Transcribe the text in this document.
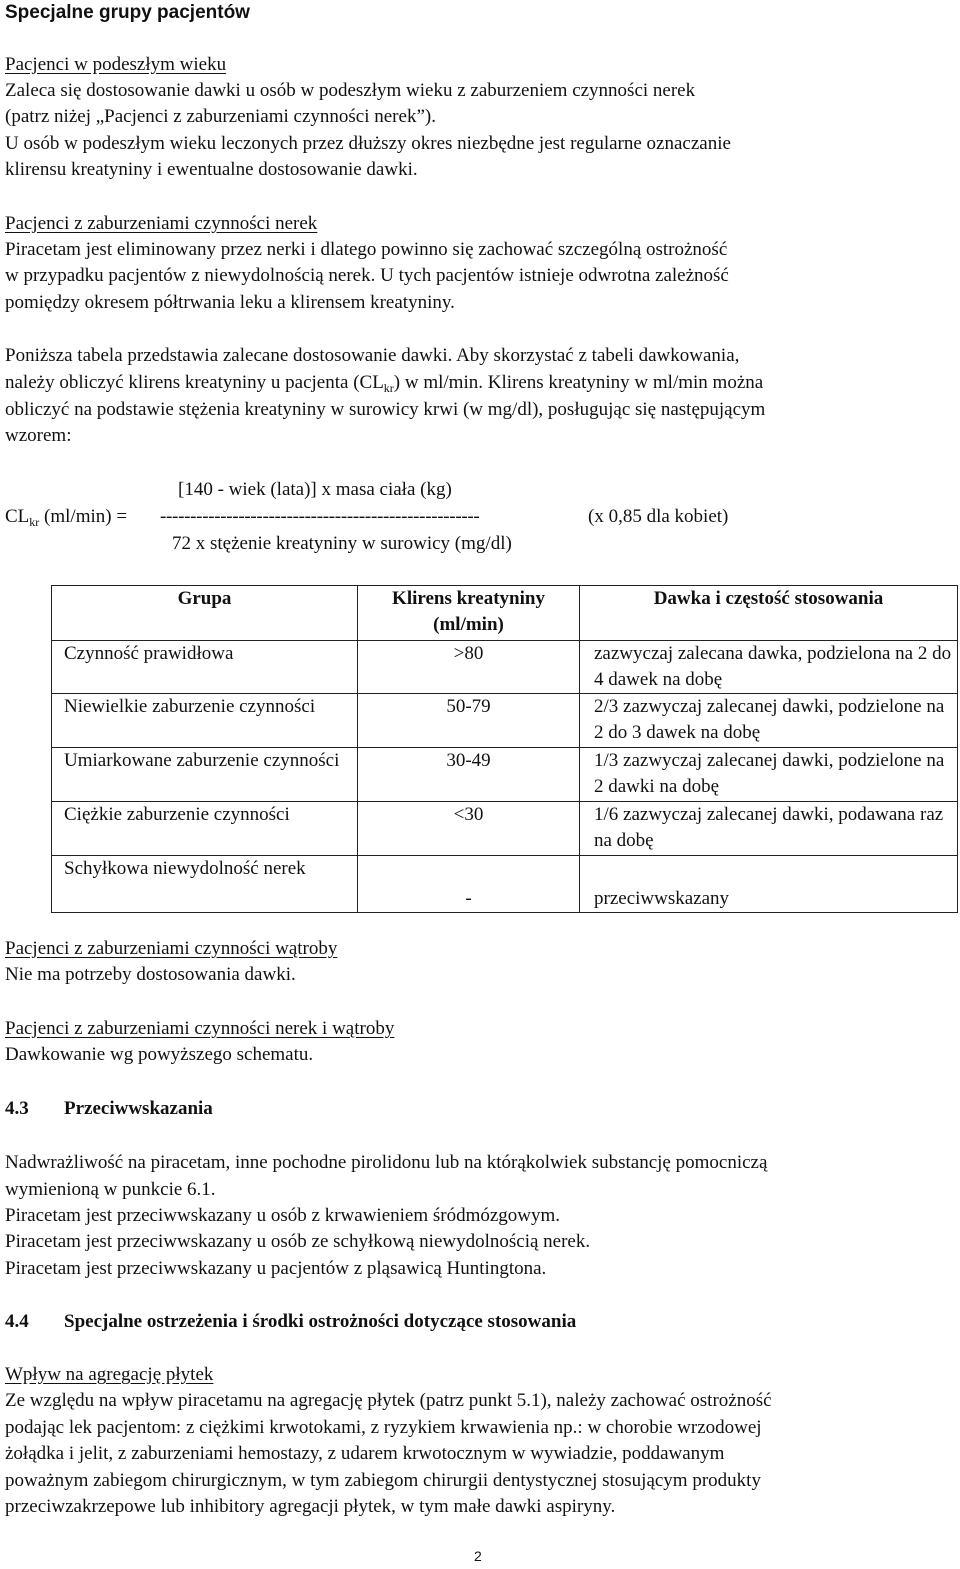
Specjalne grupy pacjentów
Pacjenci w podeszłym wieku
Zaleca się dostosowanie dawki u osób w podeszłym wieku z zaburzeniem czynności nerek
(patrz niżej „Pacjenci z zaburzeniami czynności nerek”).
U osób w podeszłym wieku leczonych przez dłuższy okres niezbędne jest regularne oznaczanie
klirensu kreatyniny i ewentualne dostosowanie dawki.
Pacjenci z zaburzeniami czynności nerek
Piracetam jest eliminowany przez nerki i dlatego powinno się zachować szczególną ostrożność
w przypadku pacjentów z niewydolnością nerek. U tych pacjentów istnieje odwrotna zależność
pomiędzy okresem półtrwania leku a klirensem kreatyniny.
Poniższa tabela przedstawia zalecane dostosowanie dawki. Aby skorzystać z tabeli dawkowania,
należy obliczyć klirens kreatyniny u pacjenta $(CL_{kr})$ w ml/min. Klirens kreatyniny w ml/min można
obliczyć na podstawie stężenia kreatyniny w surowicy krwi (w mg/dl), posługując się następującym
wzorem:
[140 - wiek (lata)] x masa ciała (kg)
$CL_{kr}$ (ml/min) = -----------------------------------------------------	(x 0,85 dla kobiet)
72 x stężenie kreatyniny w surowicy (mg/dl)
Grupa	Klirens kreatyniny (ml/min)	Dawka i częstość stosowania
Czynność prawidłowa	>80	zazwyczaj zalecana dawka, podzielona na 2 do 4 dawek na dobę
Niewielkie zaburzenie czynności	50-79	2/3 zazwyczaj zalecanej dawki, podzielone na 2 do 3 dawek na dobę
Umiarkowane zaburzenie czynności	30-49	1/3 zazwyczaj zalecanej dawki, podzielone na 2 dawki na dobę
Ciężkie zaburzenie czynności	<30	1/6 zazwyczaj zalecanej dawki, podawana raz na dobę
Schyłkowa niewydolność nerek	-	przeciwwskazany
Pacjenci z zaburzeniami czynności wątroby
Nie ma potrzeby dostosowania dawki.
Pacjenci z zaburzeniami czynności nerek i wątroby
Dawkowanie wg powyższego schematu.
4.3 Przeciwwskazania
Nadwrażliwość na piracetam, inne pochodne pirolidonu lub na którąkolwiek substancję pomocniczą
wymienioną w punkcie 6.1.
Piracetam jest przeciwwskazany u osób z krwawieniem śródmózgowym.
Piracetam jest przeciwwskazany u osób ze schyłkową niewydolnością nerek.
Piracetam jest przeciwwskazany u pacjentów z pląsawicą Huntingtona.
4.4 Specjalne ostrzeżenia i środki ostrożności dotyczące stosowania
Wpływ na agregację płytek
Ze względu na wpływ piracetamu na agregację płytek (patrz punkt 5.1), należy zachować ostrożność
podając lek pacjentom: z ciężkimi krwotokami, z ryzykiem krwawienia np.: w chorobie wrzodowej
żołądka i jelit, z zaburzeniami hemostazy, z udarem krwotocznym w wywiadzie, poddawanym
poważnym zabiegom chirurgicznym, w tym zabiegom chirurgii dentystycznej stosującym produkty
przeciwzakrzepowe lub inhibitory agregacji płytek, w tym małe dawki aspiryny.
2
